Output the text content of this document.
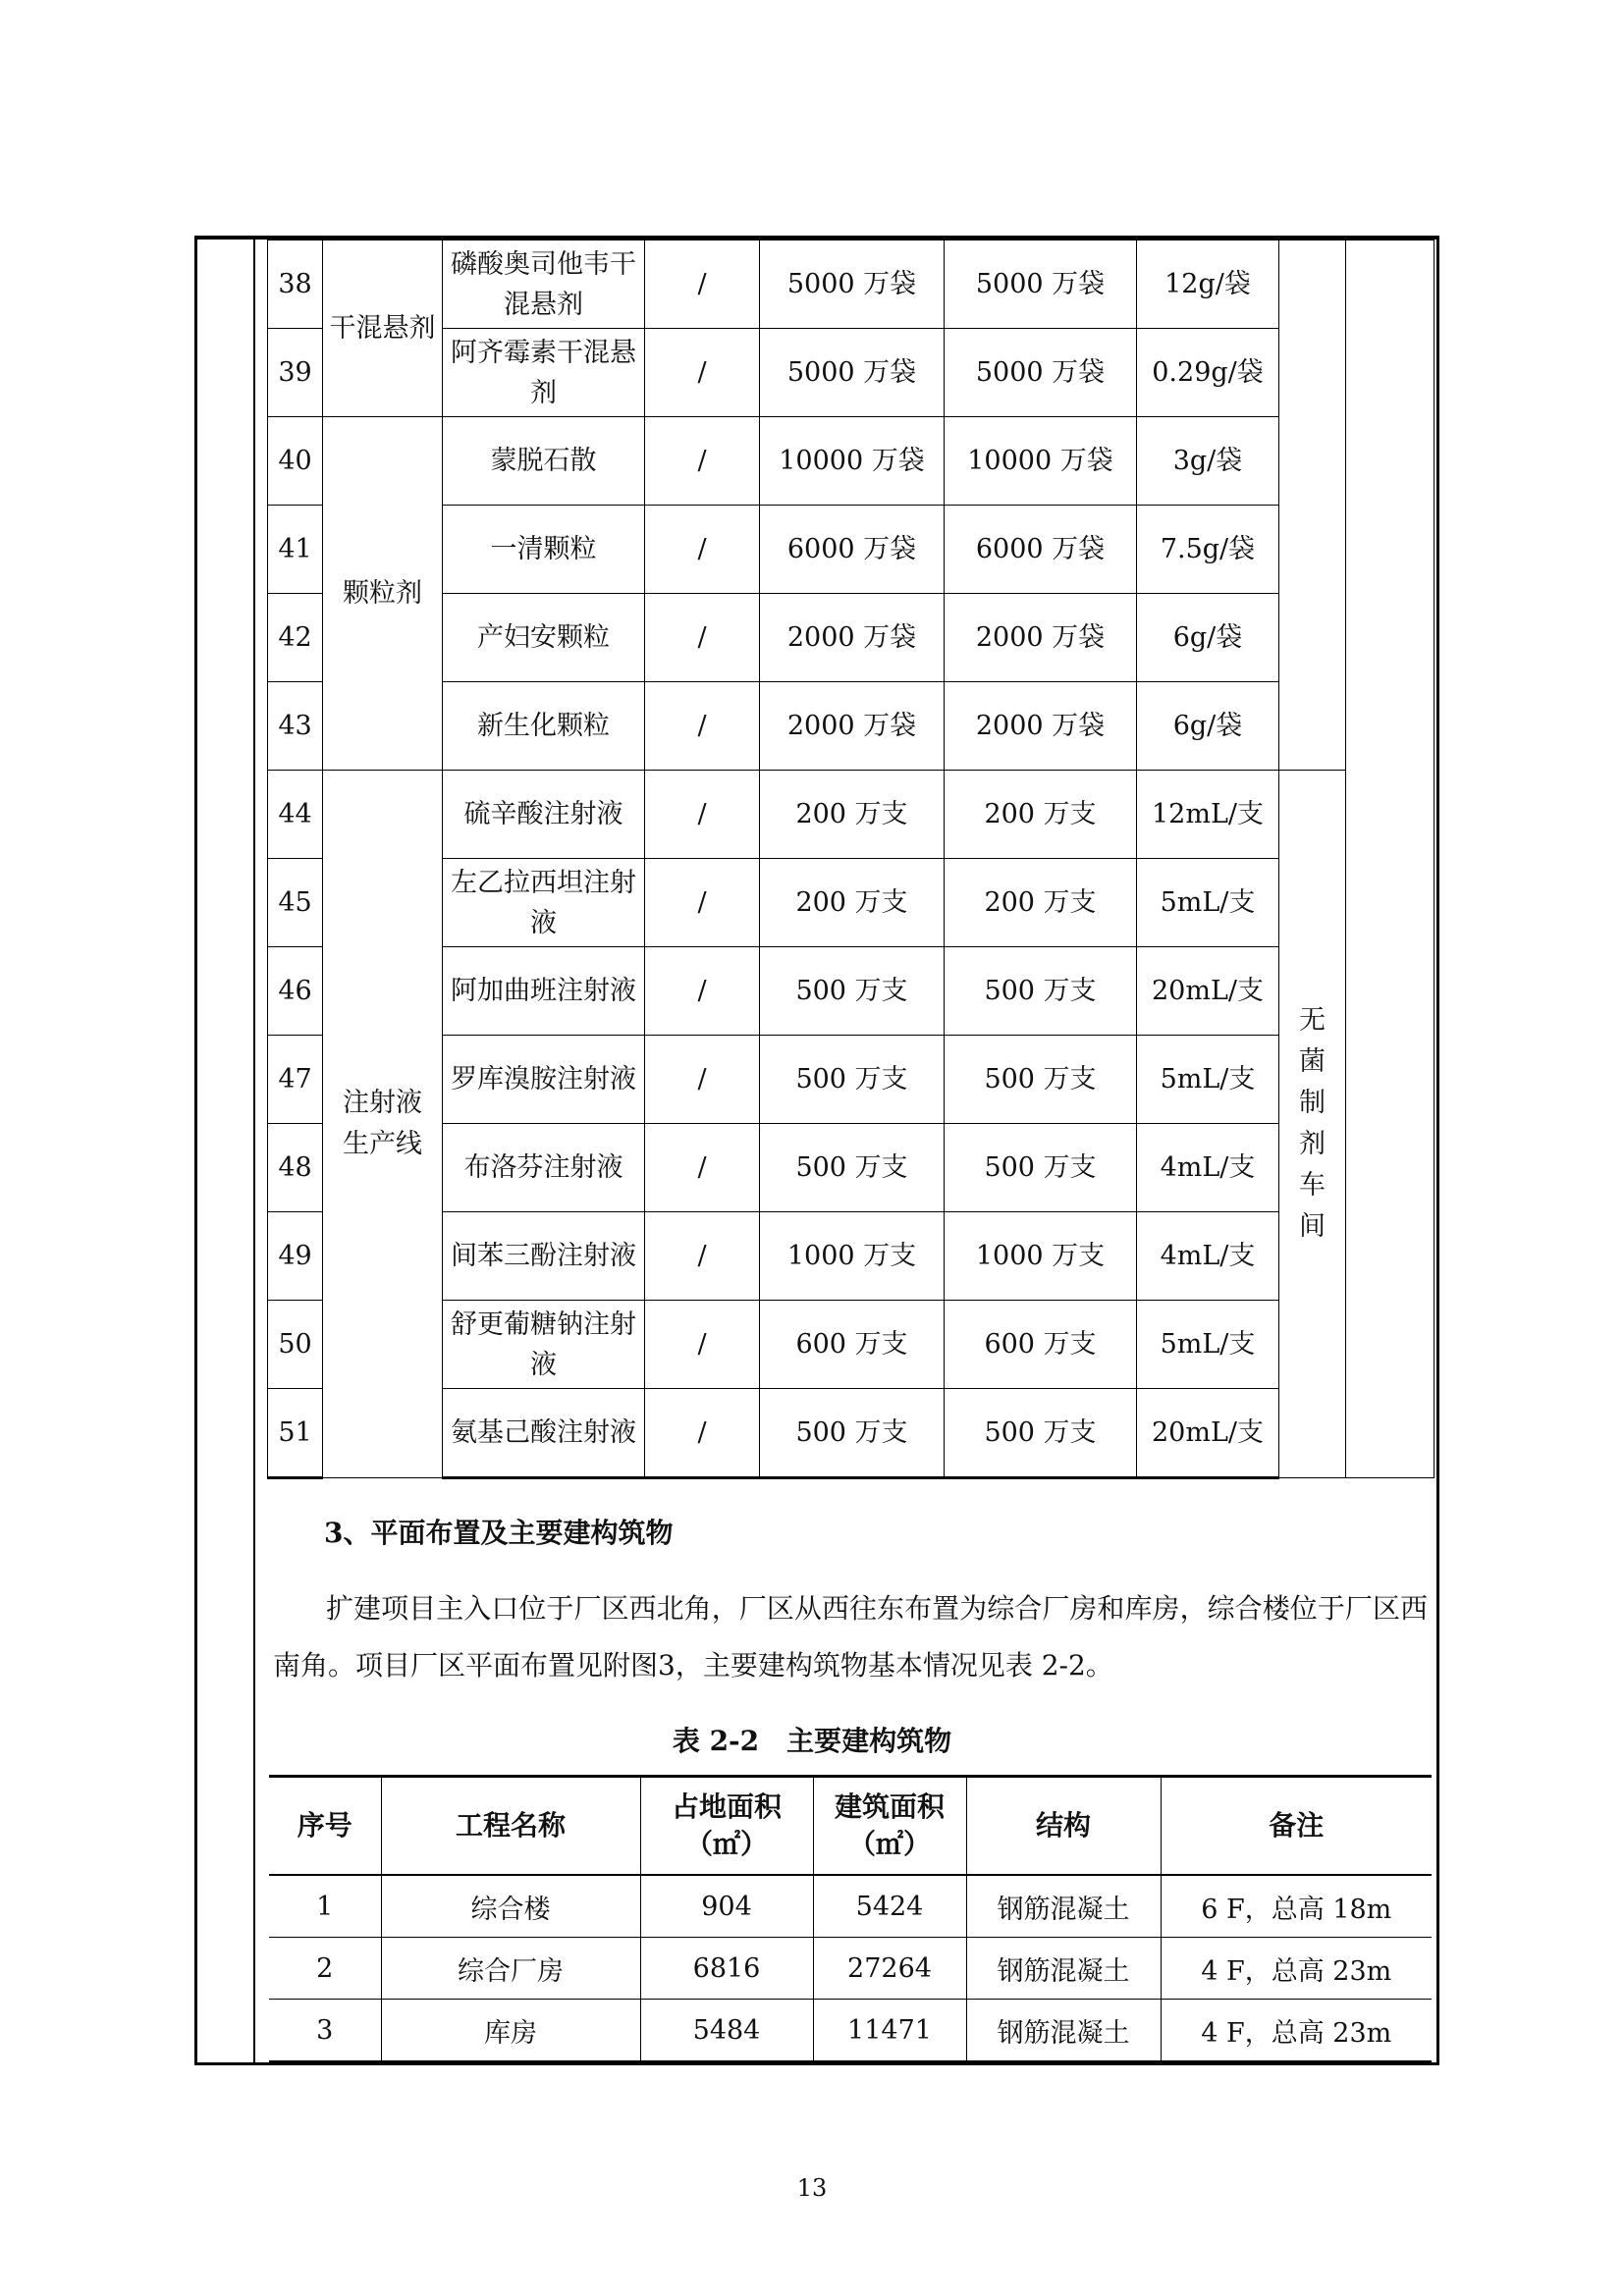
38	干混悬剂	磷酸奥司他韦干混悬剂	/	5000 万袋	5000 万袋	12g/袋		
39		阿齐霉素干混悬剂	/	5000 万袋	5000 万袋	0.29g/袋		
40	颗粒剂	蒙脱石散	/	10000 万袋	10000 万袋	3g/袋		
41		一清颗粒	/	6000 万袋	6000 万袋	7.5g/袋		
42		产妇安颗粒	/	2000 万袋	2000 万袋	6g/袋		
43		新生化颗粒	/	2000 万袋	2000 万袋	6g/袋		
44	注射液生产线	硫辛酸注射液	/	200 万支	200 万支	12mL/支	无菌制剂车间	
45		左乙拉西坦注射液	/	200 万支	200 万支	5mL/支		
46		阿加曲班注射液	/	500 万支	500 万支	20mL/支		
47		罗库溴胺注射液	/	500 万支	500 万支	5mL/支		
48		布洛芬注射液	/	500 万支	500 万支	4mL/支		
49		间苯三酚注射液	/	1000 万支	1000 万支	4mL/支		
50		舒更葡糖钠注射液	/	600 万支	600 万支	5mL/支		
51		氨基己酸注射液	/	500 万支	500 万支	20mL/支		
3、平面布置及主要建构筑物
扩建项目主入口位于厂区西北角，厂区从西往东布置为综合厂房和库房，综合楼位于厂区西南角。项目厂区平面布置见附图3，主要建构筑物基本情况见表 2-2。
表 2-2　主要建构筑物
序号	工程名称	占地面积（㎡）	建筑面积（㎡）	结构	备注
1	综合楼	904	5424	钢筋混凝土	6 F，总高 18m
2	综合厂房	6816	27264	钢筋混凝土	4 F，总高 23m
3	库房	5484	11471	钢筋混凝土	4 F，总高 23m
13
